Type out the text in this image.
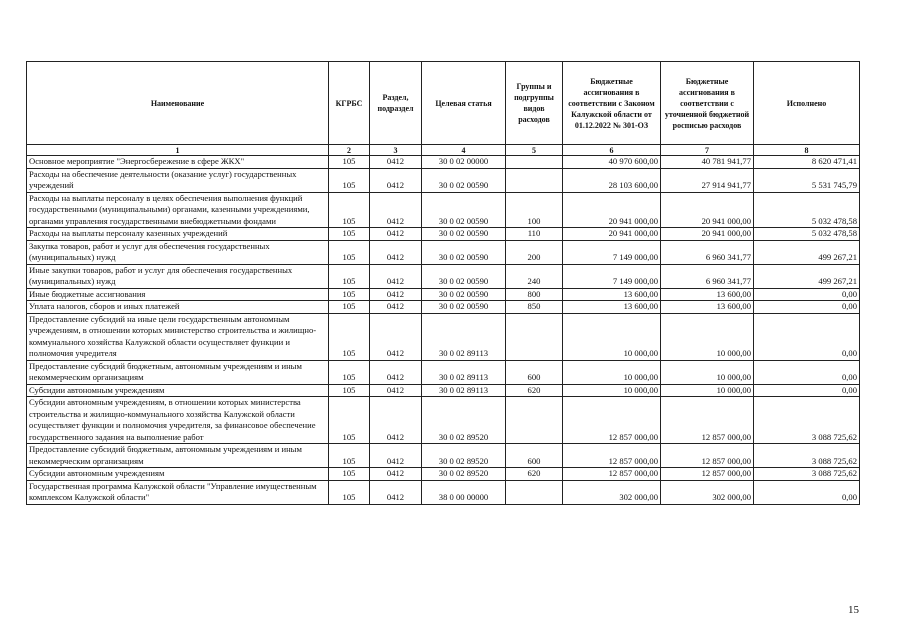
Наименование	КГРБС	Раздел, подраздел	Целевая статья	Группы и подгруппы видов расходов	Бюджетные ассигнования в соответствии с Законом Калужской области от 01.12.2022 № 301-ОЗ	Бюджетные ассигнования в соответствии с уточненной бюджетной росписью расходов	Исполнено
1	2	3	4	5	6	7	8
Основное мероприятие "Энергосбережение в сфере ЖКХ"	105	0412	30 0 02 00000		40 970 600,00	40 781 941,77	8 620 471,41
Расходы на обеспечение деятельности (оказание услуг) государственных учреждений	105	0412	30 0 02 00590		28 103 600,00	27 914 941,77	5 531 745,79
Расходы на выплаты персоналу в целях обеспечения выполнения функций государственными (муниципальными) органами, казенными учреждениями, органами управления государственными внебюджетными фондами	105	0412	30 0 02 00590	100	20 941 000,00	20 941 000,00	5 032 478,58
Расходы на выплаты персоналу казенных учреждений	105	0412	30 0 02 00590	110	20 941 000,00	20 941 000,00	5 032 478,58
Закупка товаров, работ и услуг для обеспечения государственных (муниципальных) нужд	105	0412	30 0 02 00590	200	7 149 000,00	6 960 341,77	499 267,21
Иные закупки товаров, работ и услуг для обеспечения государственных (муниципальных) нужд	105	0412	30 0 02 00590	240	7 149 000,00	6 960 341,77	499 267,21
Иные бюджетные ассигнования	105	0412	30 0 02 00590	800	13 600,00	13 600,00	0,00
Уплата налогов, сборов и иных платежей	105	0412	30 0 02 00590	850	13 600,00	13 600,00	0,00
Предоставление субсидий на иные цели государственным автономным учреждениям, в отношении которых министерство строительства и жилищно-коммунального хозяйства Калужской области осуществляет функции и полномочия учредителя	105	0412	30 0 02 89113		10 000,00	10 000,00	0,00
Предоставление субсидий бюджетным, автономным учреждениям и иным некоммерческим организациям	105	0412	30 0 02 89113	600	10 000,00	10 000,00	0,00
Субсидии автономным учреждениям	105	0412	30 0 02 89113	620	10 000,00	10 000,00	0,00
Субсидии автономным учреждениям, в отношении которых министерства строительства и жилищно-коммунального хозяйства Калужской области осуществляет функции и полномочия учредителя, за финансовое обеспечение государственного задания на выполнение работ	105	0412	30 0 02 89520		12 857 000,00	12 857 000,00	3 088 725,62
Предоставление субсидий бюджетным, автономным учреждениям и иным некоммерческим организациям	105	0412	30 0 02 89520	600	12 857 000,00	12 857 000,00	3 088 725,62
Субсидии автономным учреждениям	105	0412	30 0 02 89520	620	12 857 000,00	12 857 000,00	3 088 725,62
Государственная программа Калужской области "Управление имущественным комплексом Калужской области"	105	0412	38 0 00 00000		302 000,00	302 000,00	0,00
15
